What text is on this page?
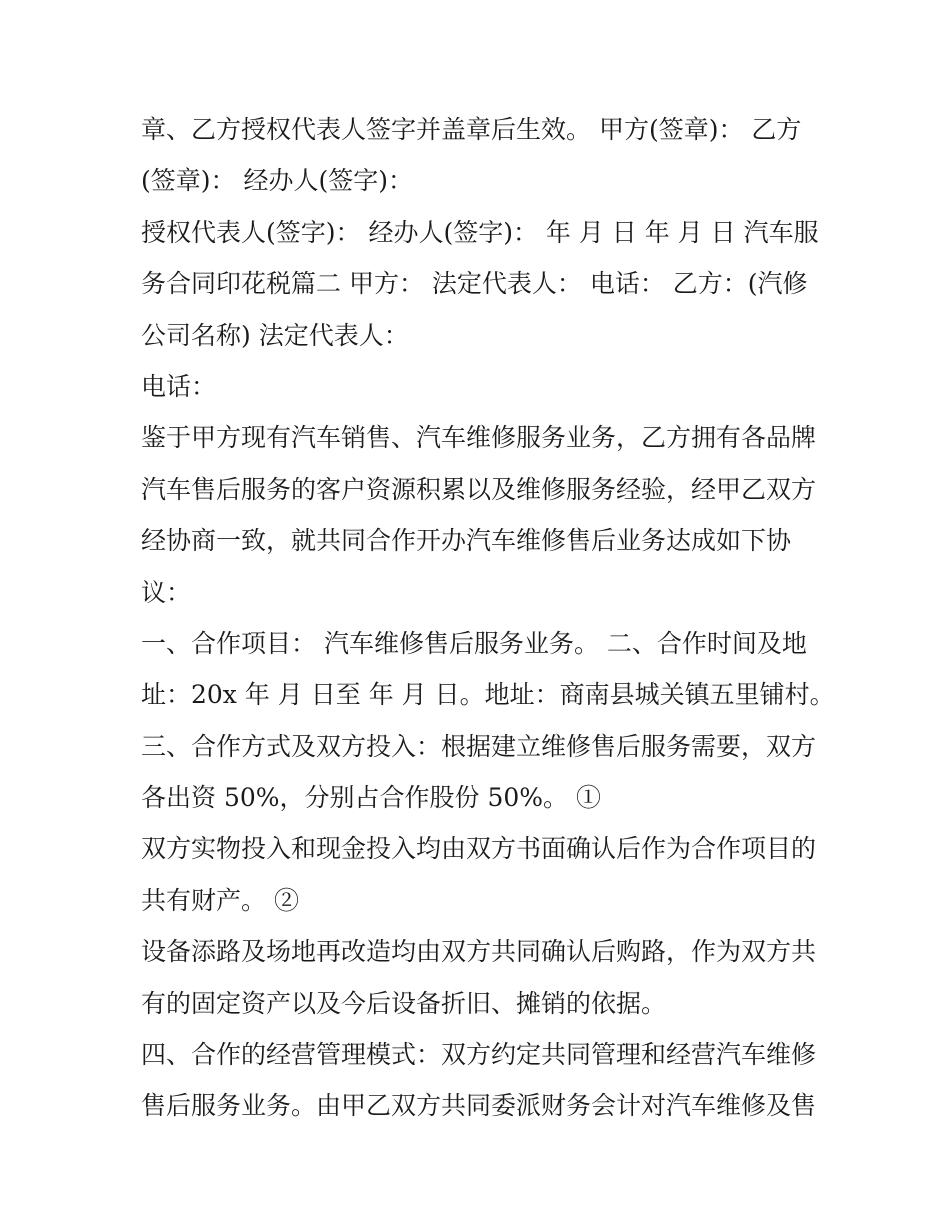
章、乙方授权代表人签字并盖章后生效。 甲方(签章)： 乙方
(签章)： 经办人(签字)：
授权代表人(签字)： 经办人(签字)： 年 月 日 年 月 日 汽车服
务合同印花税篇二 甲方： 法定代表人： 电话： 乙方：(汽修
公司名称) 法定代表人：
电话：
鉴于甲方现有汽车销售、汽车维修服务业务，乙方拥有各品牌
汽车售后服务的客户资源积累以及维修服务经验，经甲乙双方
经协商一致，就共同合作开办汽车维修售后业务达成如下协
议：
一、合作项目： 汽车维修售后服务业务。 二、合作时间及地
址：20x 年 月 日至 年 月 日。地址：商南县城关镇五里铺村。
三、合作方式及双方投入：根据建立维修售后服务需要，双方
各出资 50%，分别占合作股份 50%。 ①
双方实物投入和现金投入均由双方书面确认后作为合作项目的
共有财产。 ②
设备添路及场地再改造均由双方共同确认后购路，作为双方共
有的固定资产以及今后设备折旧、摊销的依据。
四、合作的经营管理模式：双方约定共同管理和经营汽车维修
售后服务业务。由甲乙双方共同委派财务会计对汽车维修及售
